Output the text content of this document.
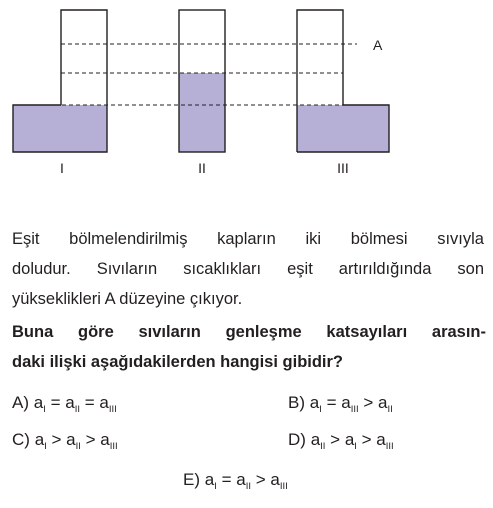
A
I	II	III
Eşit bölmelendirilmiş kapların iki bölmesi sıvıyla
doludur. Sıvıların sıcaklıkları eşit artırıldığında son
yükseklikleri A düzeyine çıkıyor.
Buna göre sıvıların genleşme katsayıları arasın-
daki ilişki aşağıdakilerden hangisi gibidir?
A) $a_I = a_{II} = a_{III}$	B) $a_I = a_{III} > a_{II}$
C) $a_I > a_{II} > a_{III}$	D) $a_{II} > a_I > a_{III}$
E) $a_I = a_{II} > a_{III}$
